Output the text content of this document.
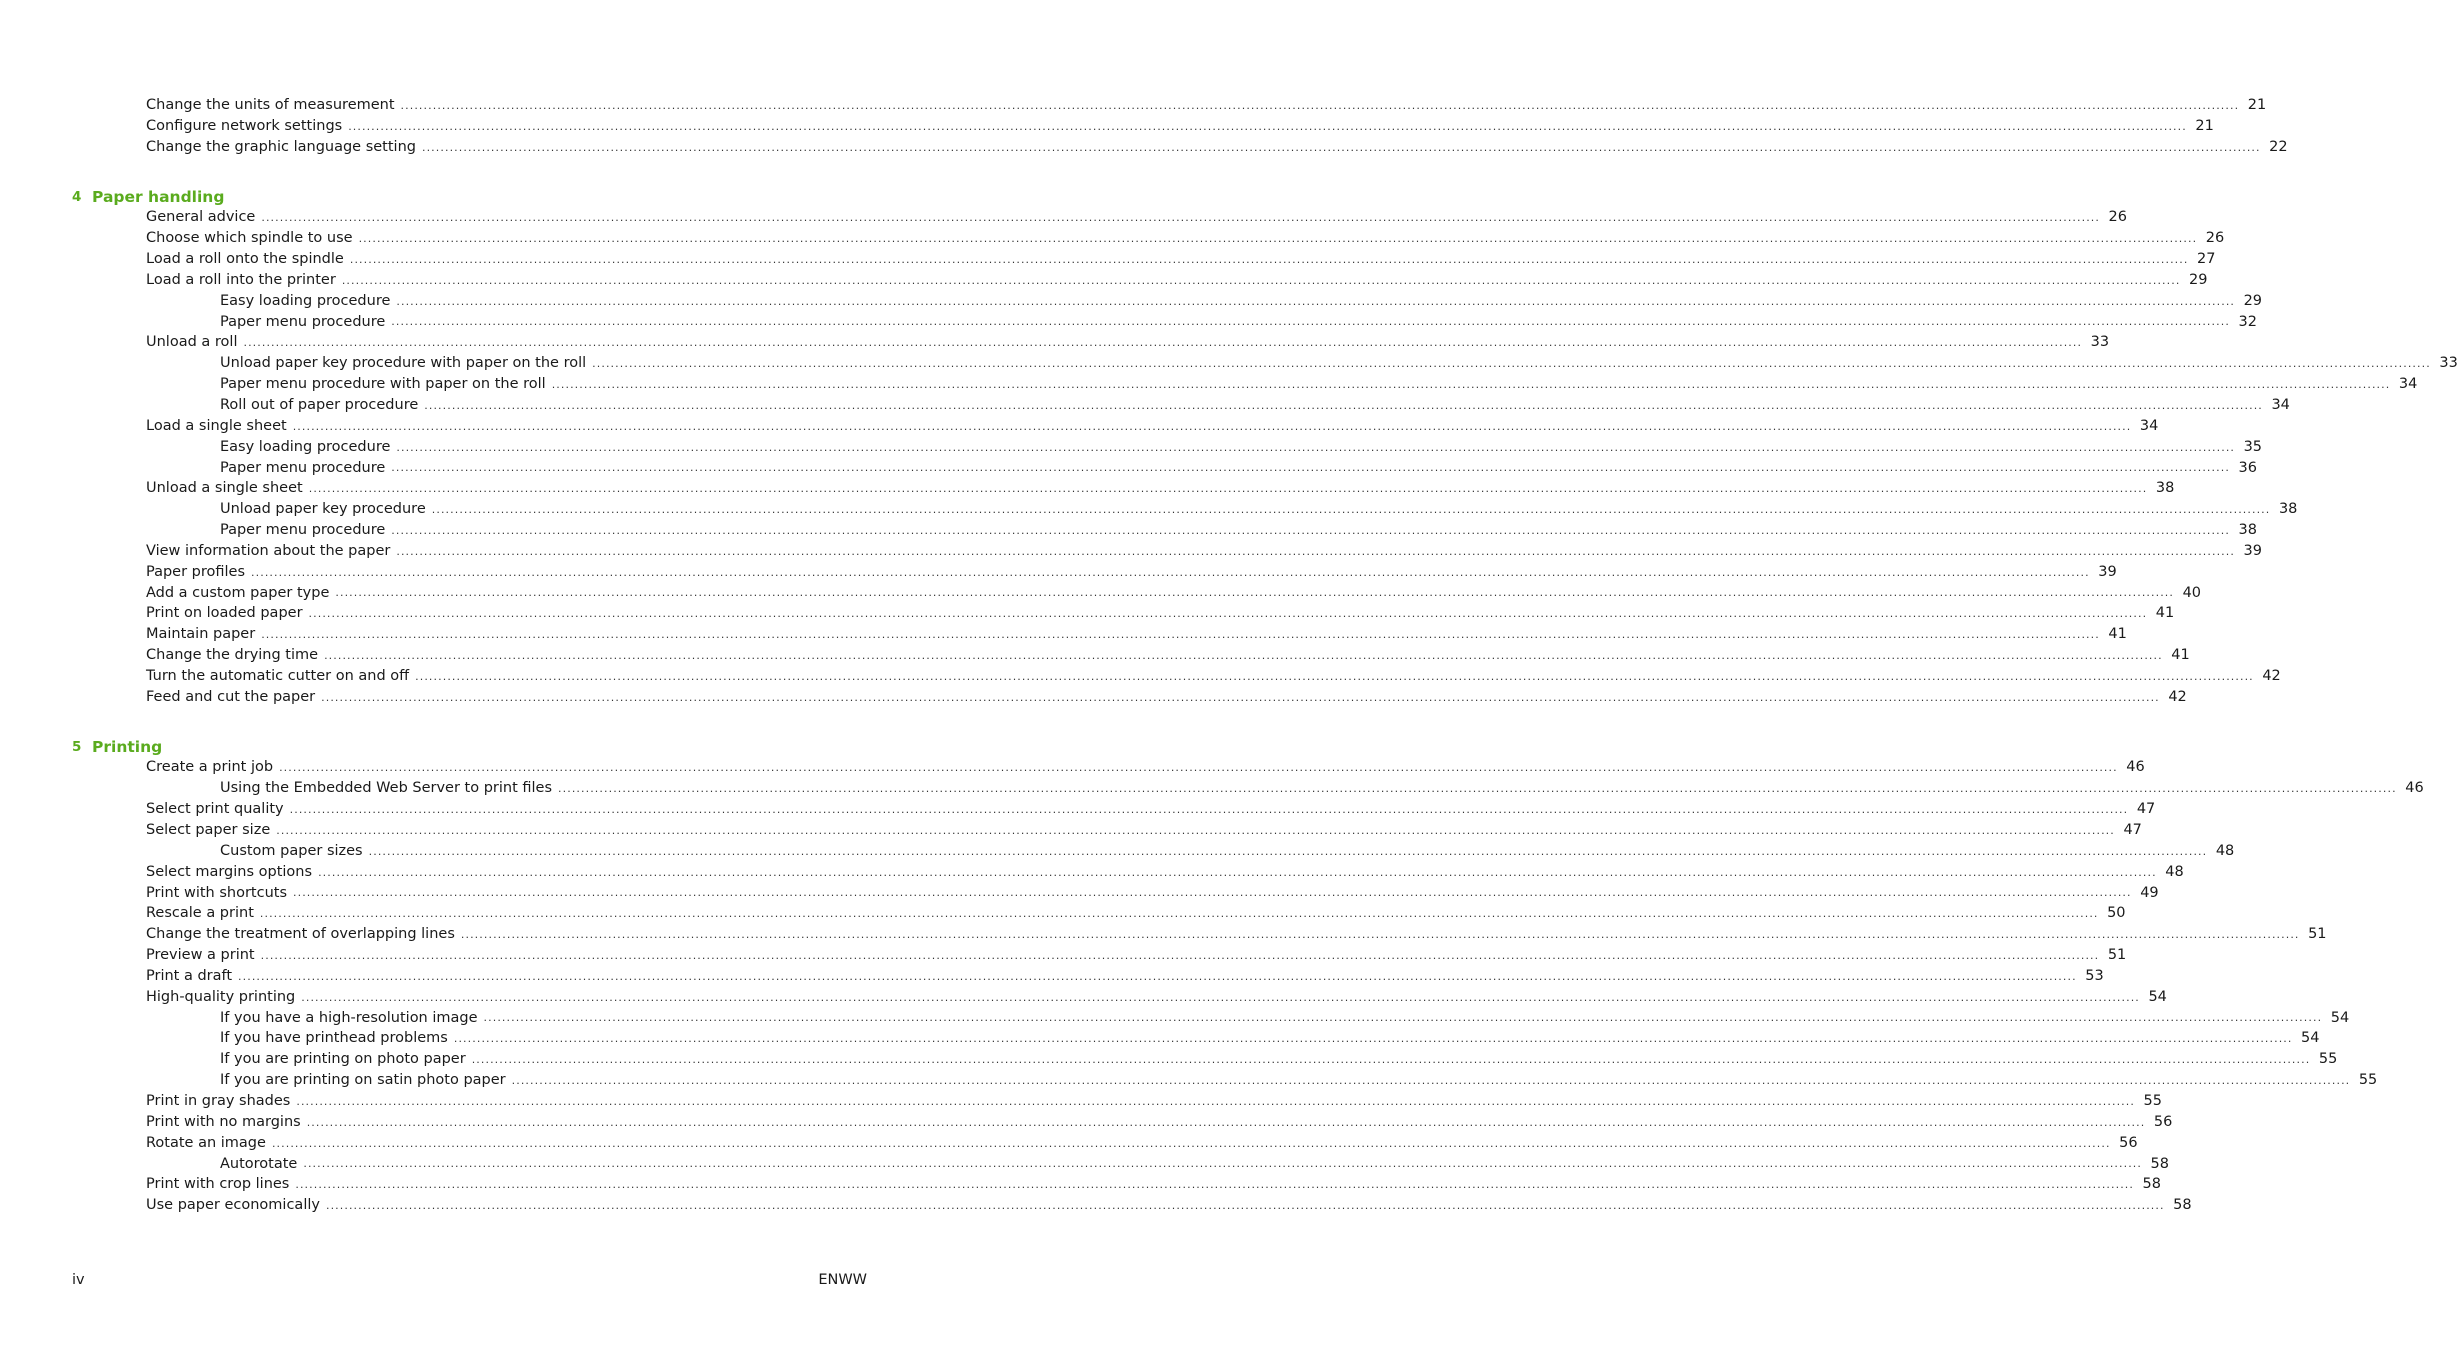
Change the units of measurement ................................................................................................................................................................................................................................................................................................................................................................................................................ 21
Configure network settings ................................................................................................................................................................................................................................................................................................................................................................................................................ 21
Change the graphic language setting ................................................................................................................................................................................................................................................................................................................................................................................................................ 22
4 Paper handling
General advice ................................................................................................................................................................................................................................................................................................................................................................................................................ 26
Choose which spindle to use ................................................................................................................................................................................................................................................................................................................................................................................................................ 26
Load a roll onto the spindle ................................................................................................................................................................................................................................................................................................................................................................................................................ 27
Load a roll into the printer ................................................................................................................................................................................................................................................................................................................................................................................................................ 29
Easy loading procedure ................................................................................................................................................................................................................................................................................................................................................................................................................ 29
Paper menu procedure ................................................................................................................................................................................................................................................................................................................................................................................................................ 32
Unload a roll ................................................................................................................................................................................................................................................................................................................................................................................................................ 33
Unload paper key procedure with paper on the roll ................................................................................................................................................................................................................................................................................................................................................................................................................ 33
Paper menu procedure with paper on the roll ................................................................................................................................................................................................................................................................................................................................................................................................................ 34
Roll out of paper procedure ................................................................................................................................................................................................................................................................................................................................................................................................................ 34
Load a single sheet ................................................................................................................................................................................................................................................................................................................................................................................................................ 34
Easy loading procedure ................................................................................................................................................................................................................................................................................................................................................................................................................ 35
Paper menu procedure ................................................................................................................................................................................................................................................................................................................................................................................................................ 36
Unload a single sheet ................................................................................................................................................................................................................................................................................................................................................................................................................ 38
Unload paper key procedure ................................................................................................................................................................................................................................................................................................................................................................................................................ 38
Paper menu procedure ................................................................................................................................................................................................................................................................................................................................................................................................................ 38
View information about the paper ................................................................................................................................................................................................................................................................................................................................................................................................................ 39
Paper profiles ................................................................................................................................................................................................................................................................................................................................................................................................................ 39
Add a custom paper type ................................................................................................................................................................................................................................................................................................................................................................................................................ 40
Print on loaded paper ................................................................................................................................................................................................................................................................................................................................................................................................................ 41
Maintain paper ................................................................................................................................................................................................................................................................................................................................................................................................................ 41
Change the drying time ................................................................................................................................................................................................................................................................................................................................................................................................................ 41
Turn the automatic cutter on and off ................................................................................................................................................................................................................................................................................................................................................................................................................ 42
Feed and cut the paper ................................................................................................................................................................................................................................................................................................................................................................................................................ 42
5 Printing
Create a print job ................................................................................................................................................................................................................................................................................................................................................................................................................ 46
Using the Embedded Web Server to print files ................................................................................................................................................................................................................................................................................................................................................................................................................ 46
Select print quality ................................................................................................................................................................................................................................................................................................................................................................................................................ 47
Select paper size ................................................................................................................................................................................................................................................................................................................................................................................................................ 47
Custom paper sizes ................................................................................................................................................................................................................................................................................................................................................................................................................ 48
Select margins options ................................................................................................................................................................................................................................................................................................................................................................................................................ 48
Print with shortcuts ................................................................................................................................................................................................................................................................................................................................................................................................................ 49
Rescale a print ................................................................................................................................................................................................................................................................................................................................................................................................................ 50
Change the treatment of overlapping lines ................................................................................................................................................................................................................................................................................................................................................................................................................ 51
Preview a print ................................................................................................................................................................................................................................................................................................................................................................................................................ 51
Print a draft ................................................................................................................................................................................................................................................................................................................................................................................................................ 53
High-quality printing ................................................................................................................................................................................................................................................................................................................................................................................................................ 54
If you have a high-resolution image ................................................................................................................................................................................................................................................................................................................................................................................................................ 54
If you have printhead problems ................................................................................................................................................................................................................................................................................................................................................................................................................ 54
If you are printing on photo paper ................................................................................................................................................................................................................................................................................................................................................................................................................ 55
If you are printing on satin photo paper ................................................................................................................................................................................................................................................................................................................................................................................................................ 55
Print in gray shades ................................................................................................................................................................................................................................................................................................................................................................................................................ 55
Print with no margins ................................................................................................................................................................................................................................................................................................................................................................................................................ 56
Rotate an image ................................................................................................................................................................................................................................................................................................................................................................................................................ 56
Autorotate ................................................................................................................................................................................................................................................................................................................................................................................................................ 58
Print with crop lines ................................................................................................................................................................................................................................................................................................................................................................................................................ 58
Use paper economically ................................................................................................................................................................................................................................................................................................................................................................................................................ 58
iv	ENWW
